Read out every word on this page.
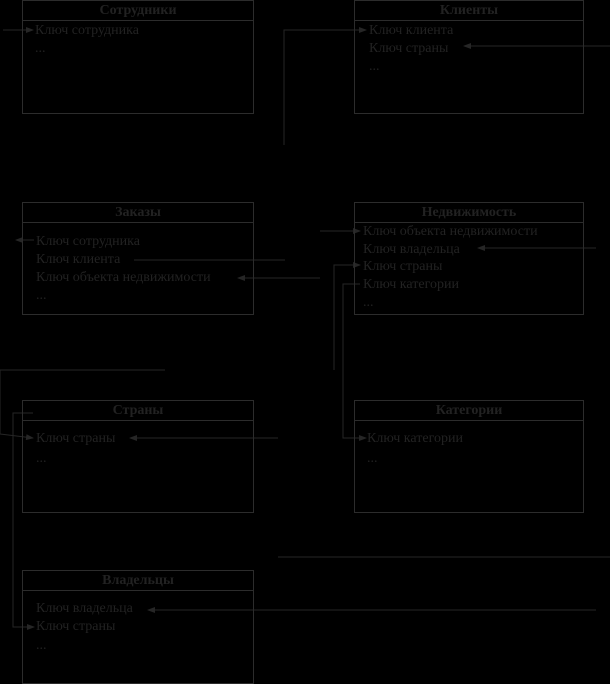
Сотрудники
Ключ сотрудника
...
Клиенты
Ключ клиента
Ключ страны
...
Заказы
Ключ сотрудника
Ключ клиента
Ключ объекта недвижимости
...
Недвижимость
Ключ объекта недвижимости
Ключ владельца
Ключ страны
Ключ категории
...
Страны
Ключ страны
...
Категории
Ключ категории
...
Владельцы
Ключ владельца
Ключ страны
...
